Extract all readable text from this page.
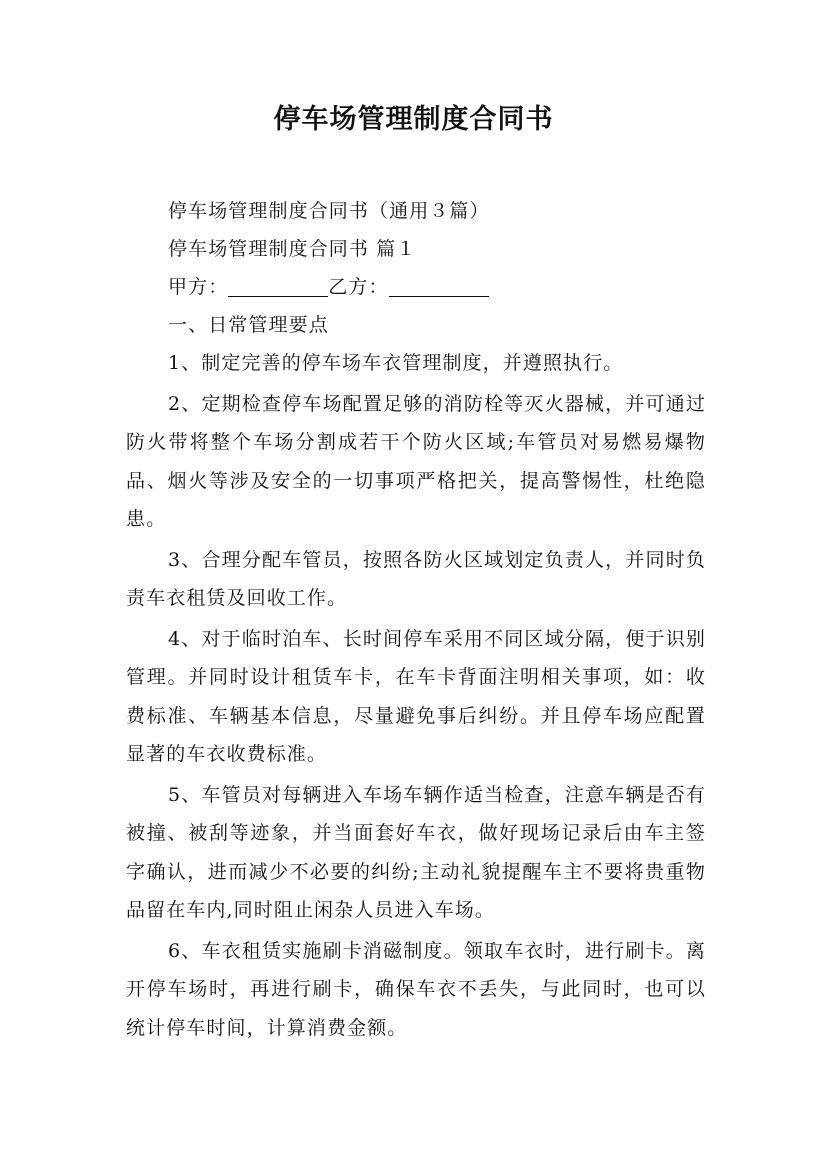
停车场管理制度合同书
停车场管理制度合同书（通用３篇）
停车场管理制度合同书 篇１
甲方：	乙方：
一、日常管理要点
1、制定完善的停车场车衣管理制度，并遵照执行。
2、定期检查停车场配置足够的消防栓等灭火器械，并可通过防火带将整个车场分割成若干个防火区域;车管员对易燃易爆物品、烟火等涉及安全的一切事项严格把关，提高警惕性，杜绝隐患。
3、合理分配车管员，按照各防火区域划定负责人，并同时负责车衣租赁及回收工作。
4、对于临时泊车、长时间停车采用不同区域分隔，便于识别管理。并同时设计租赁车卡，在车卡背面注明相关事项，如：收费标准、车辆基本信息，尽量避免事后纠纷。并且停车场应配置显著的车衣收费标准。
5、车管员对每辆进入车场车辆作适当检查，注意车辆是否有被撞、被刮等迹象，并当面套好车衣，做好现场记录后由车主签字确认，进而减少不必要的纠纷;主动礼貌提醒车主不要将贵重物品留在车内,同时阻止闲杂人员进入车场。
6、车衣租赁实施刷卡消磁制度。领取车衣时，进行刷卡。离开停车场时，再进行刷卡，确保车衣不丢失，与此同时，也可以统计停车时间，计算消费金额。
